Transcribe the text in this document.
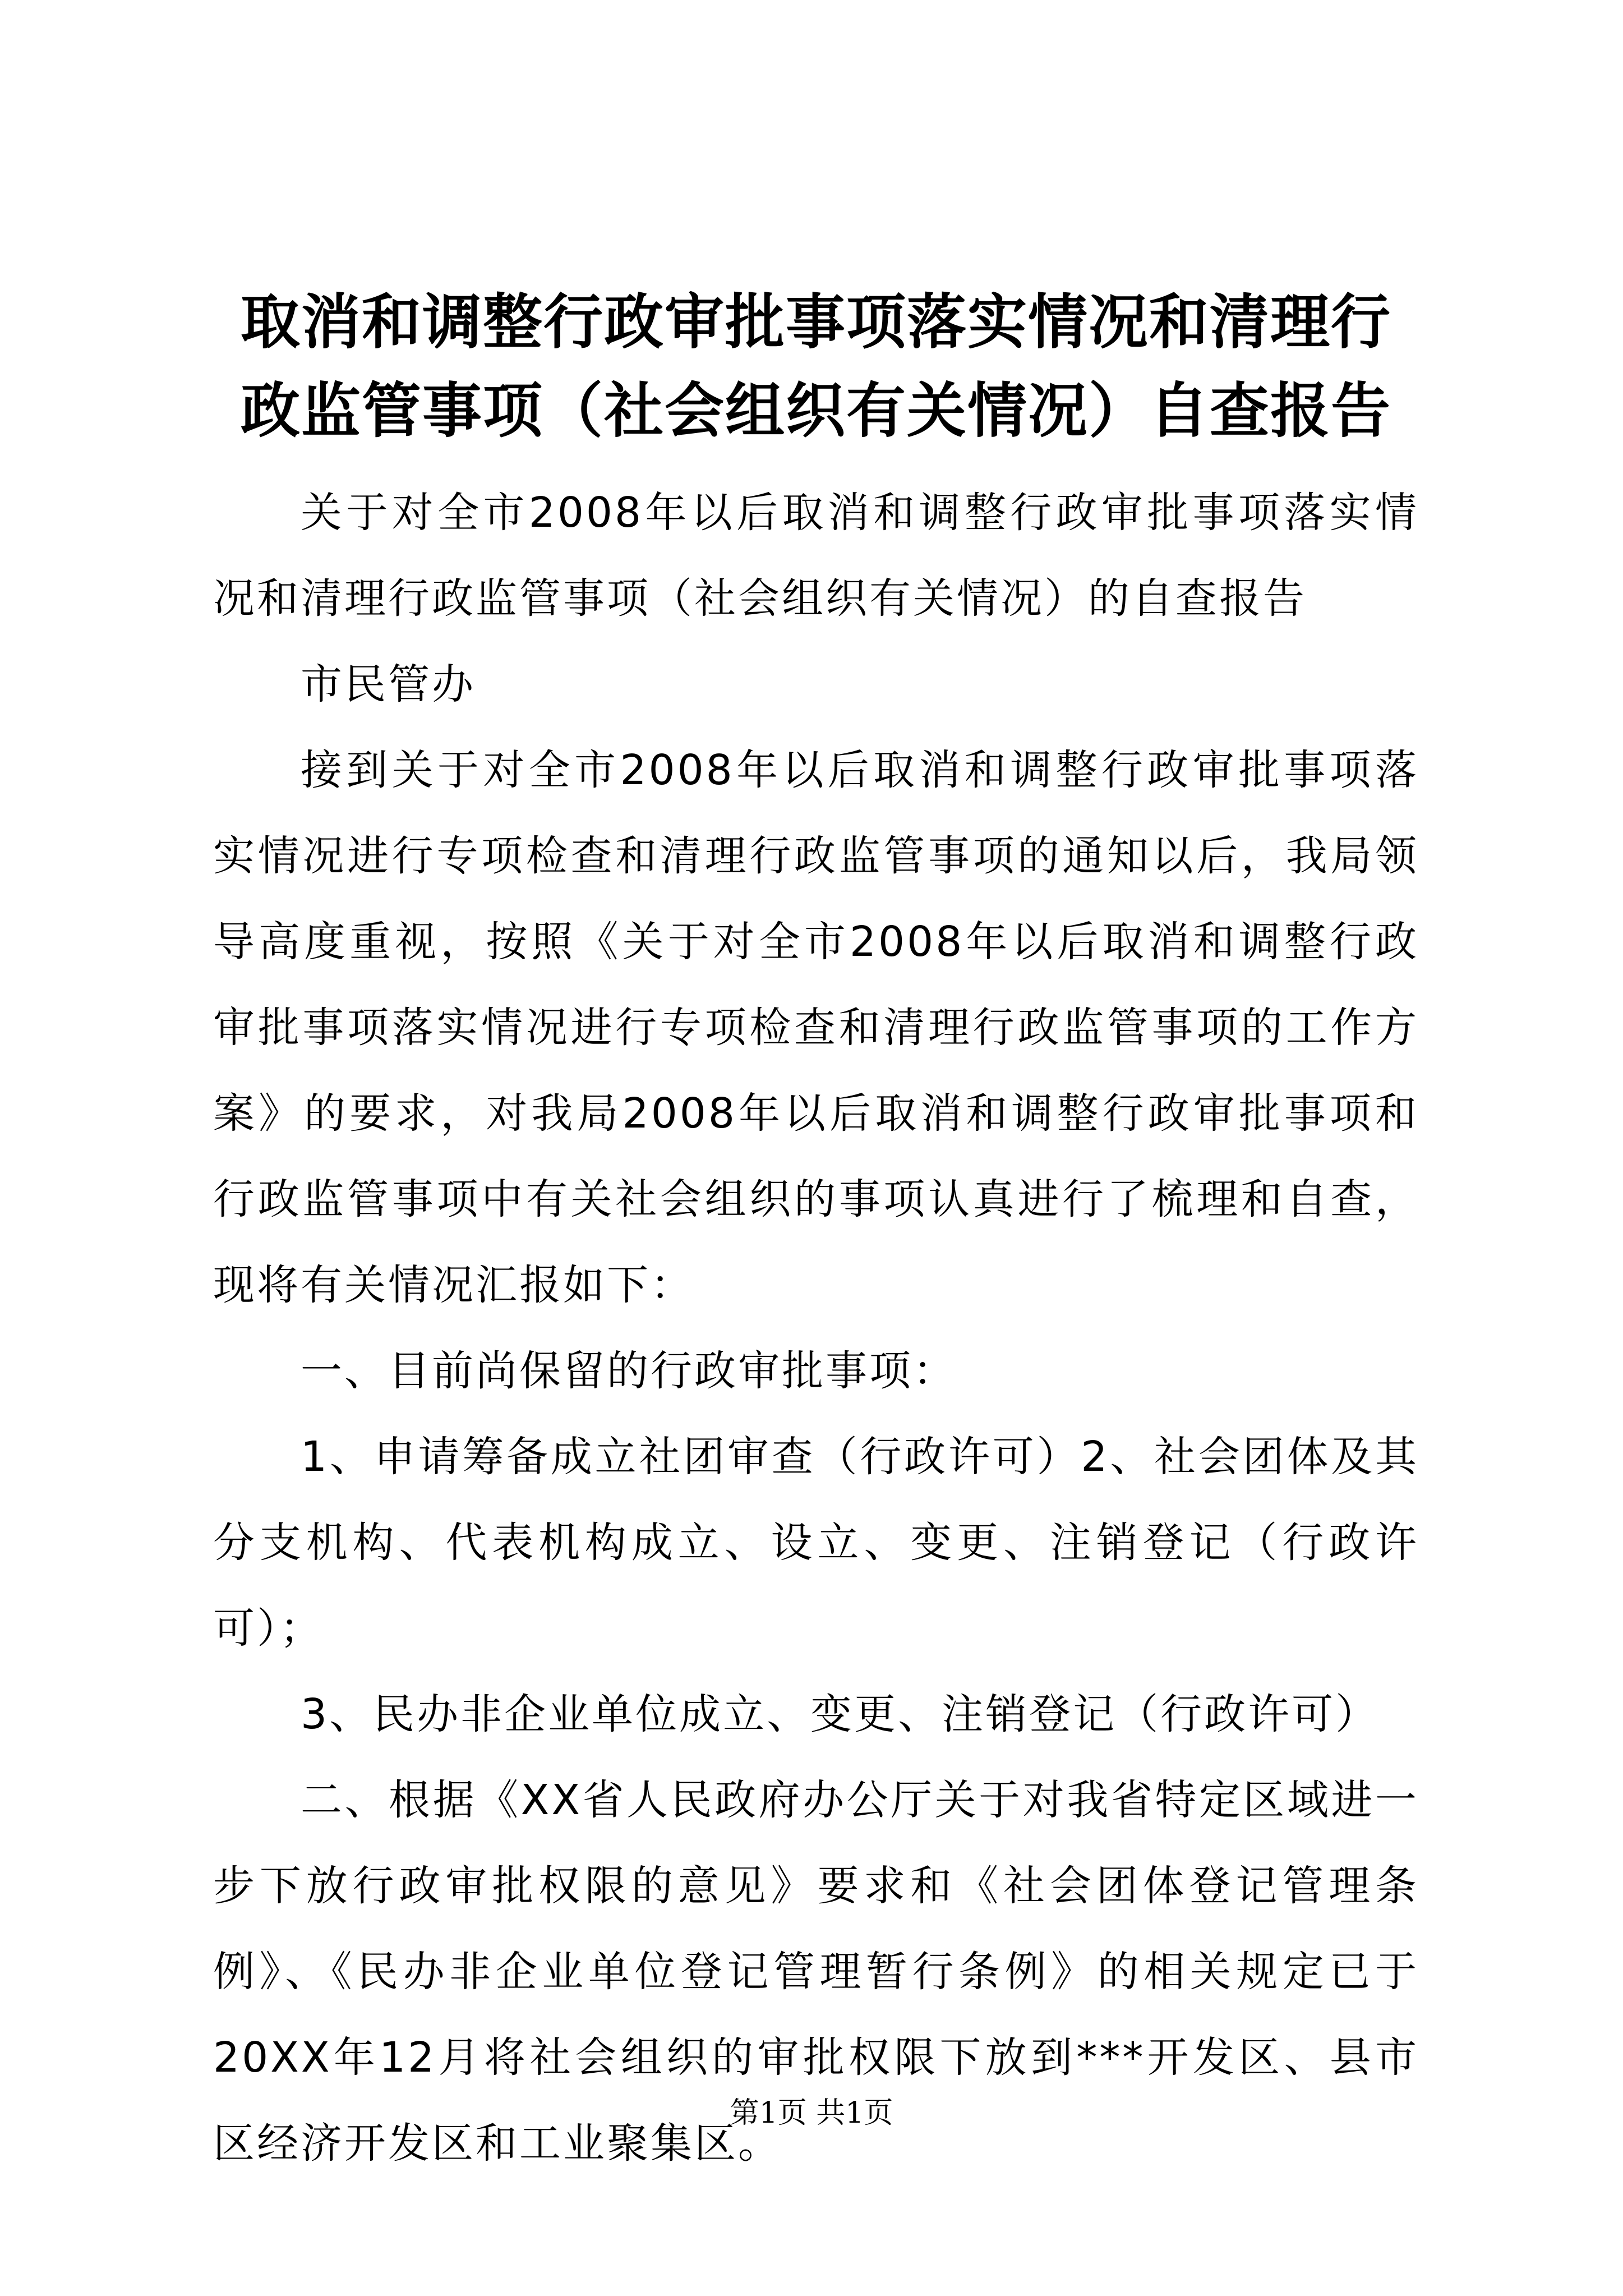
取消和调整行政审批事项落实情况和清理行政监管事项（社会组织有关情况）自查报告

关于对全市2008年以后取消和调整行政审批事项落实情况和清理行政监管事项（社会组织有关情况）的自查报告

市民管办

接到关于对全市2008年以后取消和调整行政审批事项落实情况进行专项检查和清理行政监管事项的通知以后，我局领导高度重视，按照《关于对全市2008年以后取消和调整行政审批事项落实情况进行专项检查和清理行政监管事项的工作方案》的要求，对我局2008年以后取消和调整行政审批事项和行政监管事项中有关社会组织的事项认真进行了梳理和自查，现将有关情况汇报如下：

一、目前尚保留的行政审批事项：

1、申请筹备成立社团审查（行政许可）2、社会团体及其分支机构、代表机构成立、设立、变更、注销登记（行政许可）；

3、民办非企业单位成立、变更、注销登记（行政许可）

二、根据《XX省人民政府办公厅关于对我省特定区域进一步下放行政审批权限的意见》要求和《社会团体登记管理条例》、《民办非企业单位登记管理暂行条例》的相关规定已于20XX年12月将社会组织的审批权限下放到***开发区、县市区经济开发区和工业聚集区。

第1页 共1页
